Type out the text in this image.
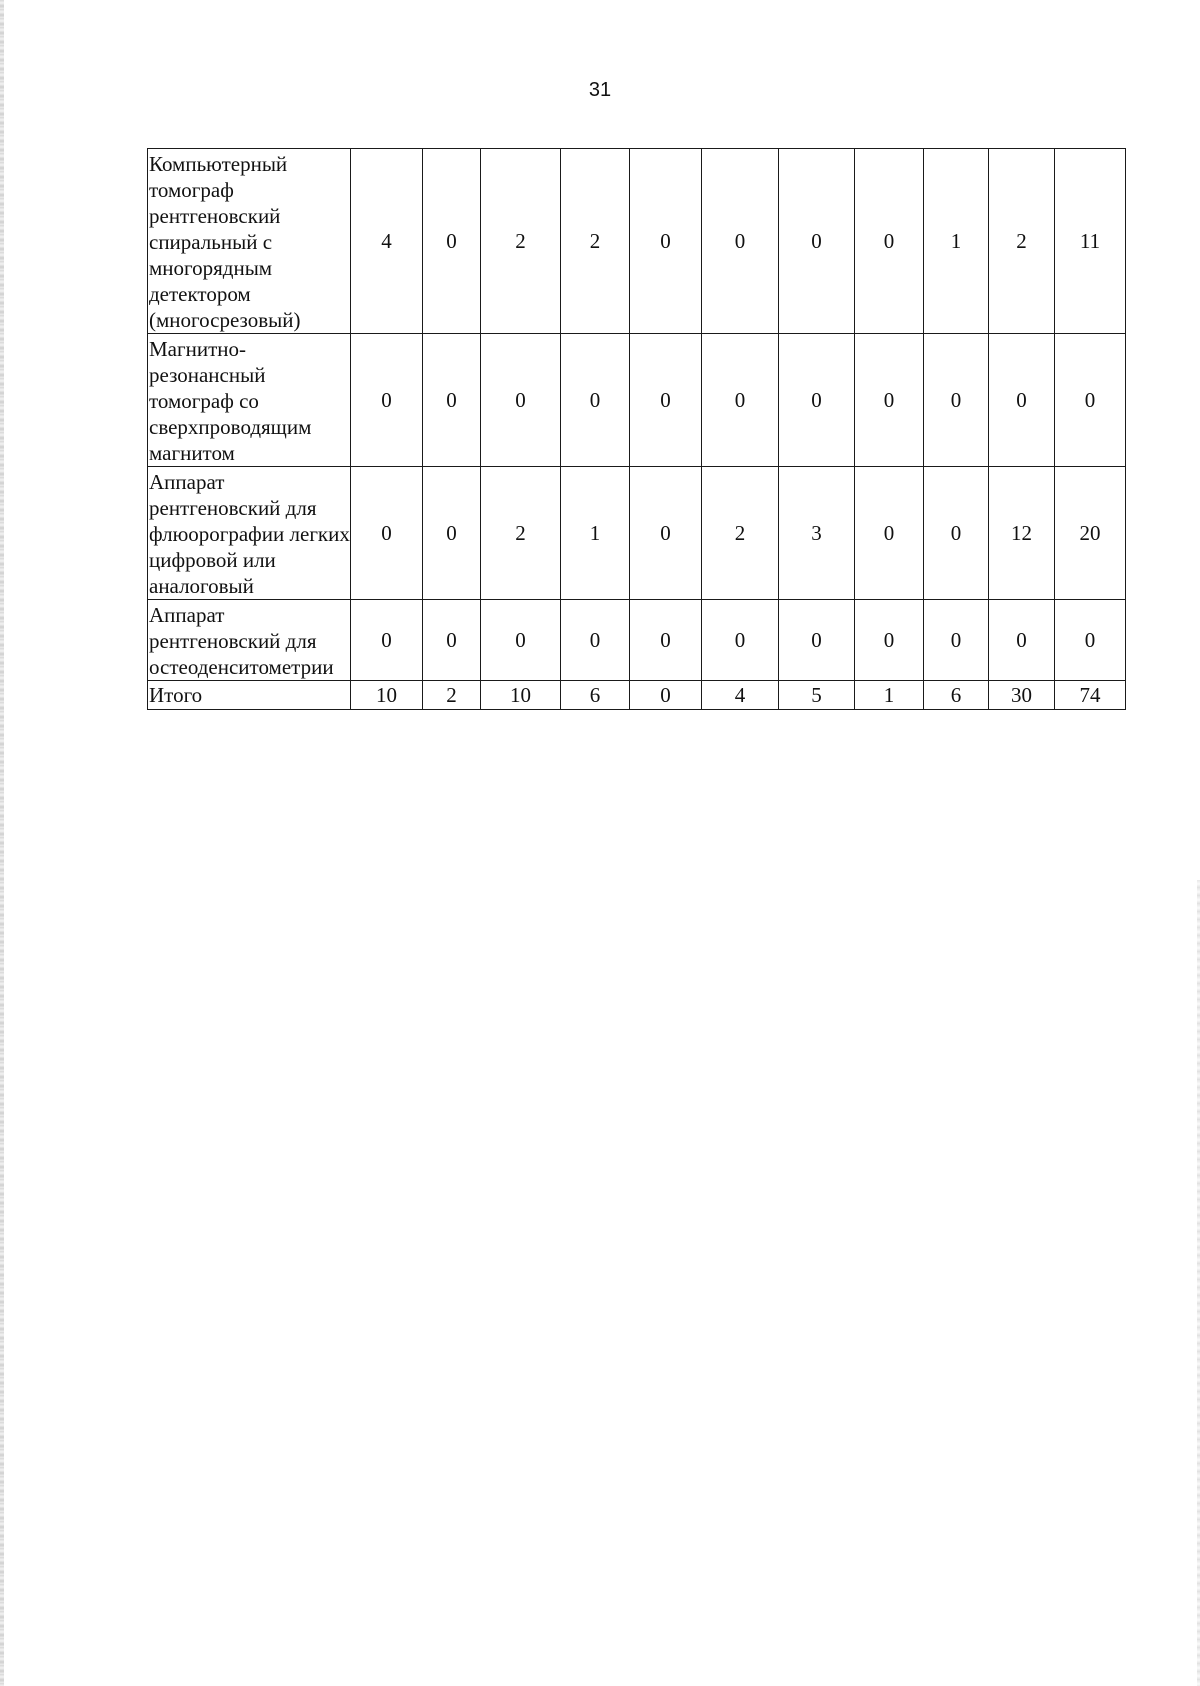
31
Компьютерный томограф рентгеновский спиральный с многорядным детектором (многосрезовый)	4	0	2	2	0	0	0	0	1	2	11
Магнитно-резонансный томограф со сверхпроводящим магнитом	0	0	0	0	0	0	0	0	0	0	0
Аппарат рентгеновский для флюорографии легких цифровой или аналоговый	0	0	2	1	0	2	3	0	0	12	20
Аппарат рентгеновский для остеоденситометрии	0	0	0	0	0	0	0	0	0	0	0
Итого	10	2	10	6	0	4	5	1	6	30	74
